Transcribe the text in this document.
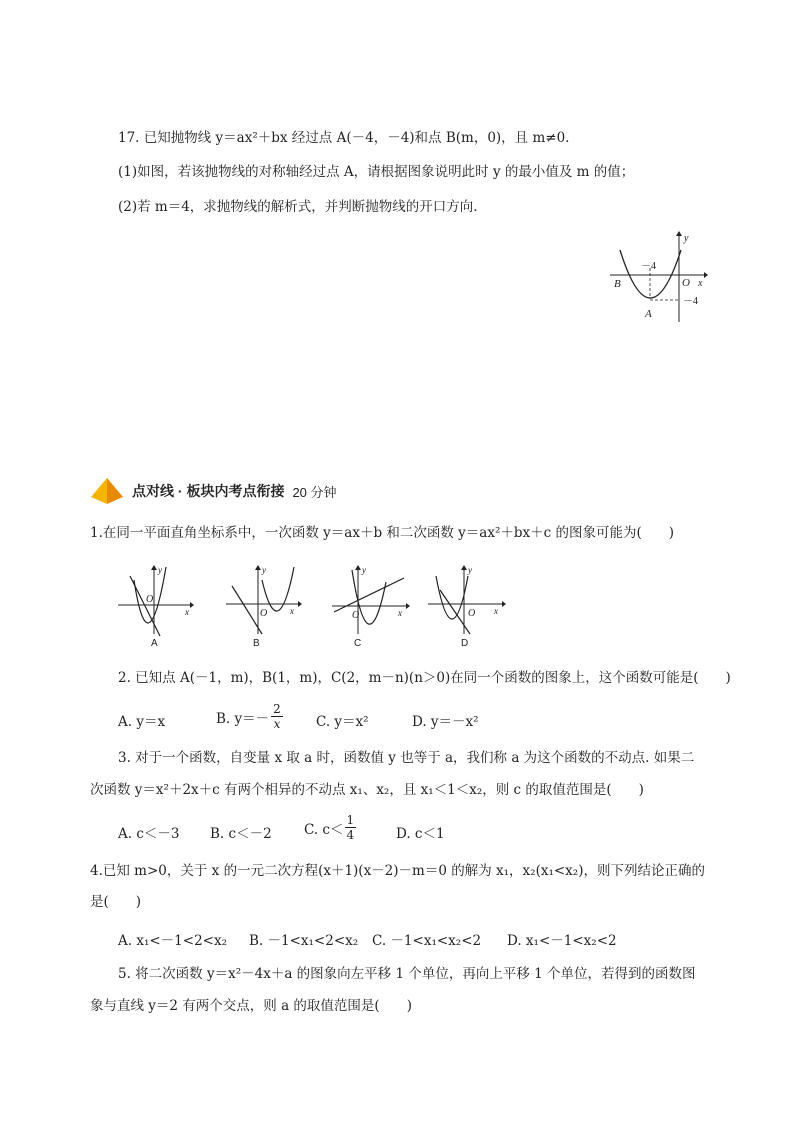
17. 已知抛物线 y＝ax²＋bx 经过点 A(－4，－4)和点 B(m，0)，且 m≠0.
(1)如图，若该抛物线的对称轴经过点 A，请根据图象说明此时 y 的最小值及 m 的值；
(2)若 m＝4，求抛物线的解析式，并判断抛物线的开口方向.
y
x
O
B
A
－4
－4
点对线 · 板块内考点衔接 20 分钟
1.在同一平面直角坐标系中，一次函数 y＝ax＋b 和二次函数 y＝ax²＋bx＋c 的图象可能为(　　)
y
x
O
A
y
x
O
B
y
x
O
C
y
x
O
D
2. 已知点 A(－1，m)，B(1，m)，C(2，m－n)(n＞0)在同一个函数的图象上，这个函数可能是(　　)
A. y＝x	B. $y=- \frac{2}{x} C$. y＝x²	D. y＝－x²
3. 对于一个函数，自变量 x 取 a 时，函数值 y 也等于 a，我们称 a 为这个函数的不动点. 如果二
次函数 y＝x²＋2x＋c 有两个相异的不动点 x₁、x₂，且 x₁＜1＜x₂，则 c 的取值范围是(　　)
A. c＜－3 B. c＜－2 C. $c< \frac{1}{4}$	D. c＜1
4.已知 m>0，关于 x 的一元二次方程(x＋1)(x－2)－m＝0 的解为 x₁，x₂(x₁<x₂)，则下列结论正确的
是(　　)
A. x₁<－1<2<x₂ B. －1<x₁<2<x₂ C. －1<x₁<x₂<2 D. x₁<－1<x₂<2
5. 将二次函数 y＝x²－4x＋a 的图象向左平移 1 个单位，再向上平移 1 个单位，若得到的函数图
象与直线 y＝2 有两个交点，则 a 的取值范围是(　　)
